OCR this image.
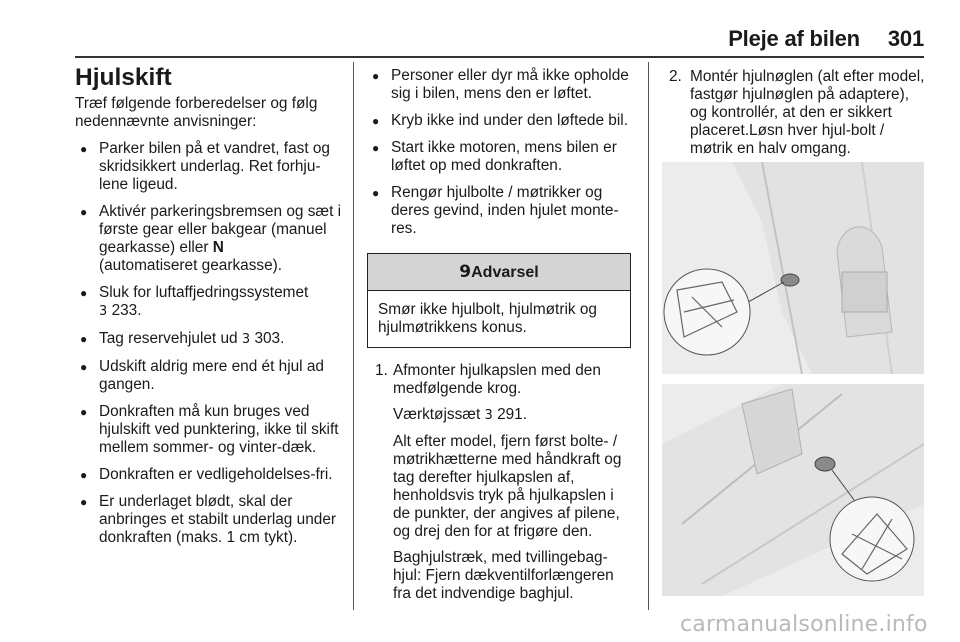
Pleje af bilen 301
Hjulskift

Træf følgende forberedelser og følg nedennævnte anvisninger:

● Parker bilen på et vandret, fast og skridsikkert underlag. Ret forhju-lene ligeud.
● Aktivér parkeringsbremsen og sæt i første gear eller bakgear (manuel gearkasse) eller N
(automatiseret gearkasse).
● Sluk for luftaffjedringssystemet
3 233.
● Tag reservehjulet ud 3 303.
● Udskift aldrig mere end ét hjul ad gangen.
● Donkraften må kun bruges ved hjulskift ved punktering, ikke til skift mellem sommer- og vinter-dæk.
● Donkraften er vedligeholdelses-fri.
● Er underlaget blødt, skal der anbringes et stabilt underlag under donkraften (maks. 1 cm tykt).
● Personer eller dyr må ikke opholde sig i bilen, mens den er løftet.
● Kryb ikke ind under den løftede bil.
● Start ikke motoren, mens bilen er løftet op med donkraften.
● Rengør hjulbolte / møtrikker og deres gevind, inden hjulet monte-res.
9Advarsel
Smør ikke hjulbolt, hjulmøtrik og hjulmøtrikkens konus.
1. Afmonter hjulkapslen med den medfølgende krog.

Værktøjssæt 3 291.

Alt efter model, fjern først bolte- / møtrikhætterne med håndkraft og tag derefter hjulkapslen af, henholdsvis tryk på hjulkapslen i de punkter, der angives af pilene, og drej den for at frigøre den.

Baghjulstræk, med tvillingebag-hjul: Fjern dækventilforlængeren fra det indvendige baghjul.

2. Montér hjulnøglen (alt efter model, fastgør hjulnøglen på adaptere), og kontrollér, at den er sikkert placeret.Løsn hver hjul-bolt / møtrik en halv omgang.

carmanualsonline.info
